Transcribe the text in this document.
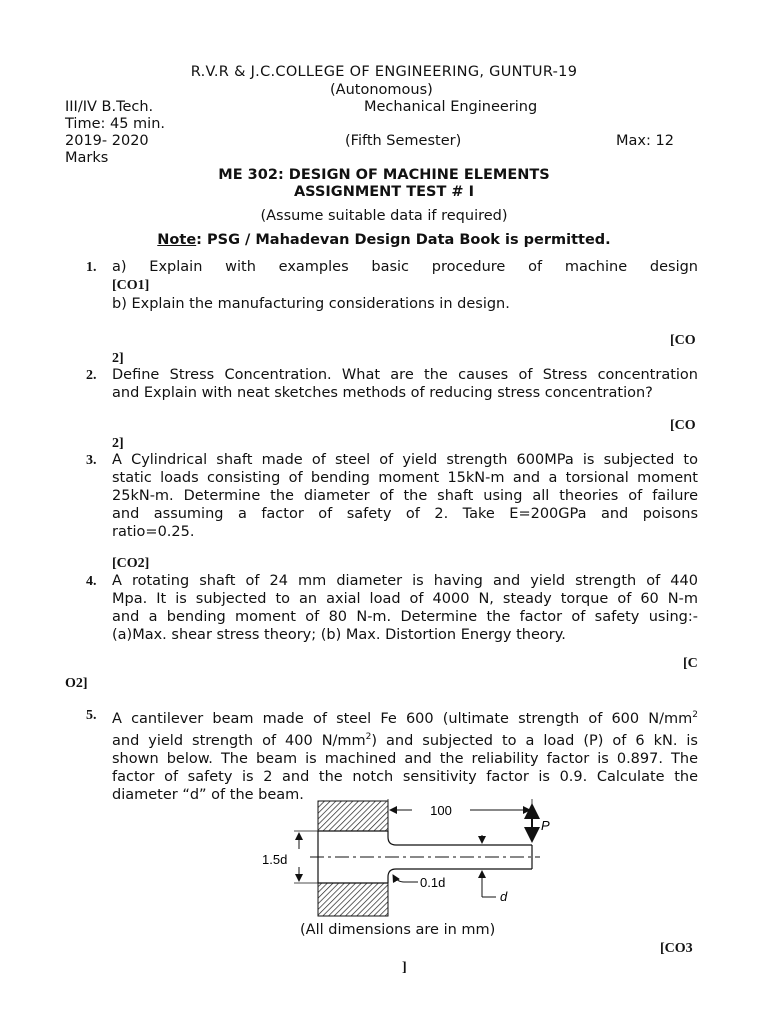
R.V.R & J.C.COLLEGE OF ENGINEERING, GUNTUR-19
(Autonomous)
III/IV B.Tech.	Mechanical Engineering
Time: 45 min.
2019- 2020	(Fifth Semester)	Max: 12
Marks
ME 302: DESIGN OF MACHINE ELEMENTS
ASSIGNMENT TEST # I
(Assume suitable data if required)
Note: PSG / Mahadevan Design Data Book is permitted.
1. a) Explain with examples basic procedure of machine design
[CO1]
b) Explain the manufacturing considerations in design.
[CO
2]
2. Define Stress Concentration. What are the causes of Stress concentration
and Explain with neat sketches methods of reducing stress concentration?
[CO
2]
3. A Cylindrical shaft made of steel of yield strength 600MPa is subjected to
static loads consisting of bending moment 15kN-m and a torsional moment
25kN-m. Determine the diameter of the shaft using all theories of failure
and assuming a factor of safety of 2. Take E=200GPa and poisons
ratio=0.25.
[CO2]
4. A rotating shaft of 24 mm diameter is having and yield strength of 440
Mpa. It is subjected to an axial load of 4000 N, steady torque of 60 N-m
and a bending moment of 80 N-m. Determine the factor of safety using:-
(a)Max. shear stress theory; (b) Max. Distortion Energy theory.
[C
O2]
5. A cantilever beam made of steel Fe 600 (ultimate strength of 600 $N/mm^2$
and yield strength of 400 $N/mm^2$) and subjected to a load (P) of 6 kN. is
shown below. The beam is machined and the reliability factor is 0.897. The
factor of safety is 2 and the notch sensitivity factor is 0.9. Calculate the
diameter “d” of the beam.
100
P
1.5d
0.1d
d
(All dimensions are in mm)
[CO3
]
